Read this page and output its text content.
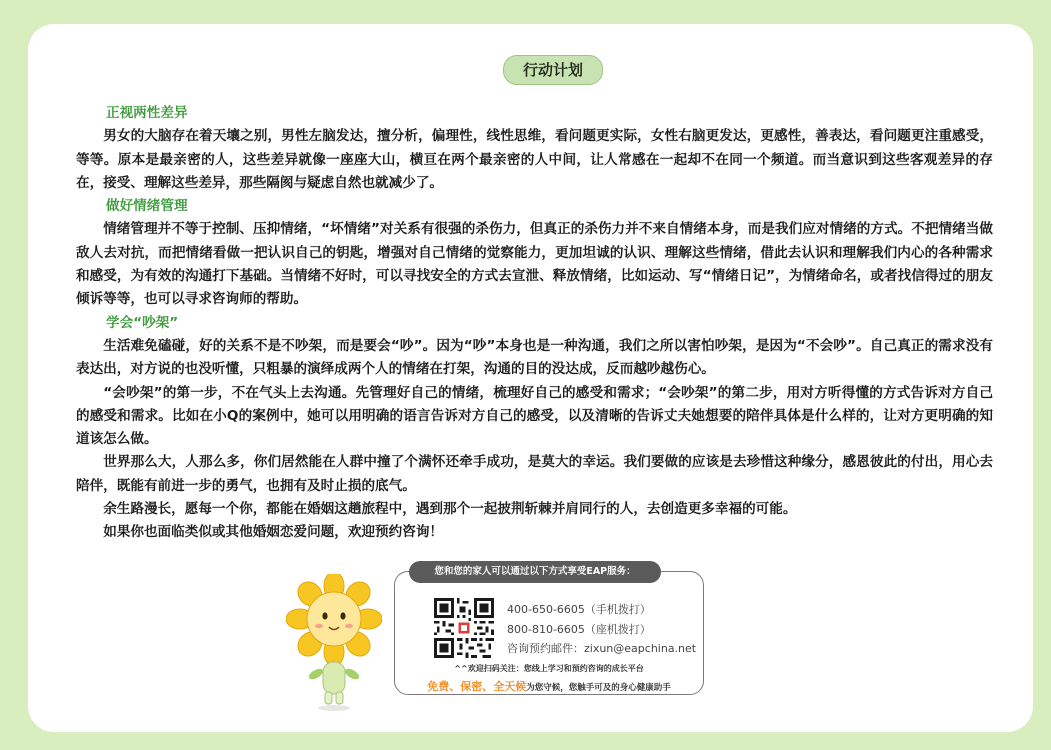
行动计划
正视两性差异

男女的大脑存在着天壤之别，男性左脑发达，擅分析，偏理性，线性思维，看问题更实际，女性右脑更发达，更感性，善表达，看问题更注重感受，等等。原本是最亲密的人，这些差异就像一座座大山，横亘在两个最亲密的人中间，让人常感在一起却不在同一个频道。而当意识到这些客观差异的存在，接受、理解这些差异，那些隔阂与疑虑自然也就减少了。

做好情绪管理

情绪管理并不等于控制、压抑情绪，“坏情绪”对关系有很强的杀伤力，但真正的杀伤力并不来自情绪本身，而是我们应对情绪的方式。不把情绪当做敌人去对抗，而把情绪看做一把认识自己的钥匙，增强对自己情绪的觉察能力，更加坦诚的认识、理解这些情绪，借此去认识和理解我们内心的各种需求和感受，为有效的沟通打下基础。当情绪不好时，可以寻找安全的方式去宣泄、释放情绪，比如运动、写“情绪日记”，为情绪命名，或者找信得过的朋友倾诉等等，也可以寻求咨询师的帮助。

学会“吵架”

生活难免磕碰，好的关系不是不吵架，而是要会“吵”。因为“吵”本身也是一种沟通，我们之所以害怕吵架，是因为“不会吵”。自己真正的需求没有表达出，对方说的也没听懂，只粗暴的演绎成两个人的情绪在打架，沟通的目的没达成，反而越吵越伤心。

“会吵架”的第一步，不在气头上去沟通。先管理好自己的情绪，梳理好自己的感受和需求；“会吵架”的第二步，用对方听得懂的方式告诉对方自己的感受和需求。比如在小Q的案例中，她可以用明确的语言告诉对方自己的感受，以及清晰的告诉丈夫她想要的陪伴具体是什么样的，让对方更明确的知道该怎么做。

世界那么大，人那么多，你们居然能在人群中撞了个满怀还牵手成功，是莫大的幸运。我们要做的应该是去珍惜这种缘分，感恩彼此的付出，用心去陪伴，既能有前进一步的勇气，也拥有及时止损的底气。

余生路漫长，愿每一个你，都能在婚姻这趟旅程中，遇到那个一起披荆斩棘并肩同行的人，去创造更多幸福的可能。

如果你也面临类似或其他婚姻恋爱问题，欢迎预约咨询！

您和您的家人可以通过以下方式享受EAP服务：
400-650-6605（手机拨打）
800-810-6605（座机拨打）
咨询预约邮件：zixun@eapchina.net
^^欢迎扫码关注：您线上学习和预约咨询的成长平台
免费、保密、全天候为您守候，您触手可及的身心健康助手
